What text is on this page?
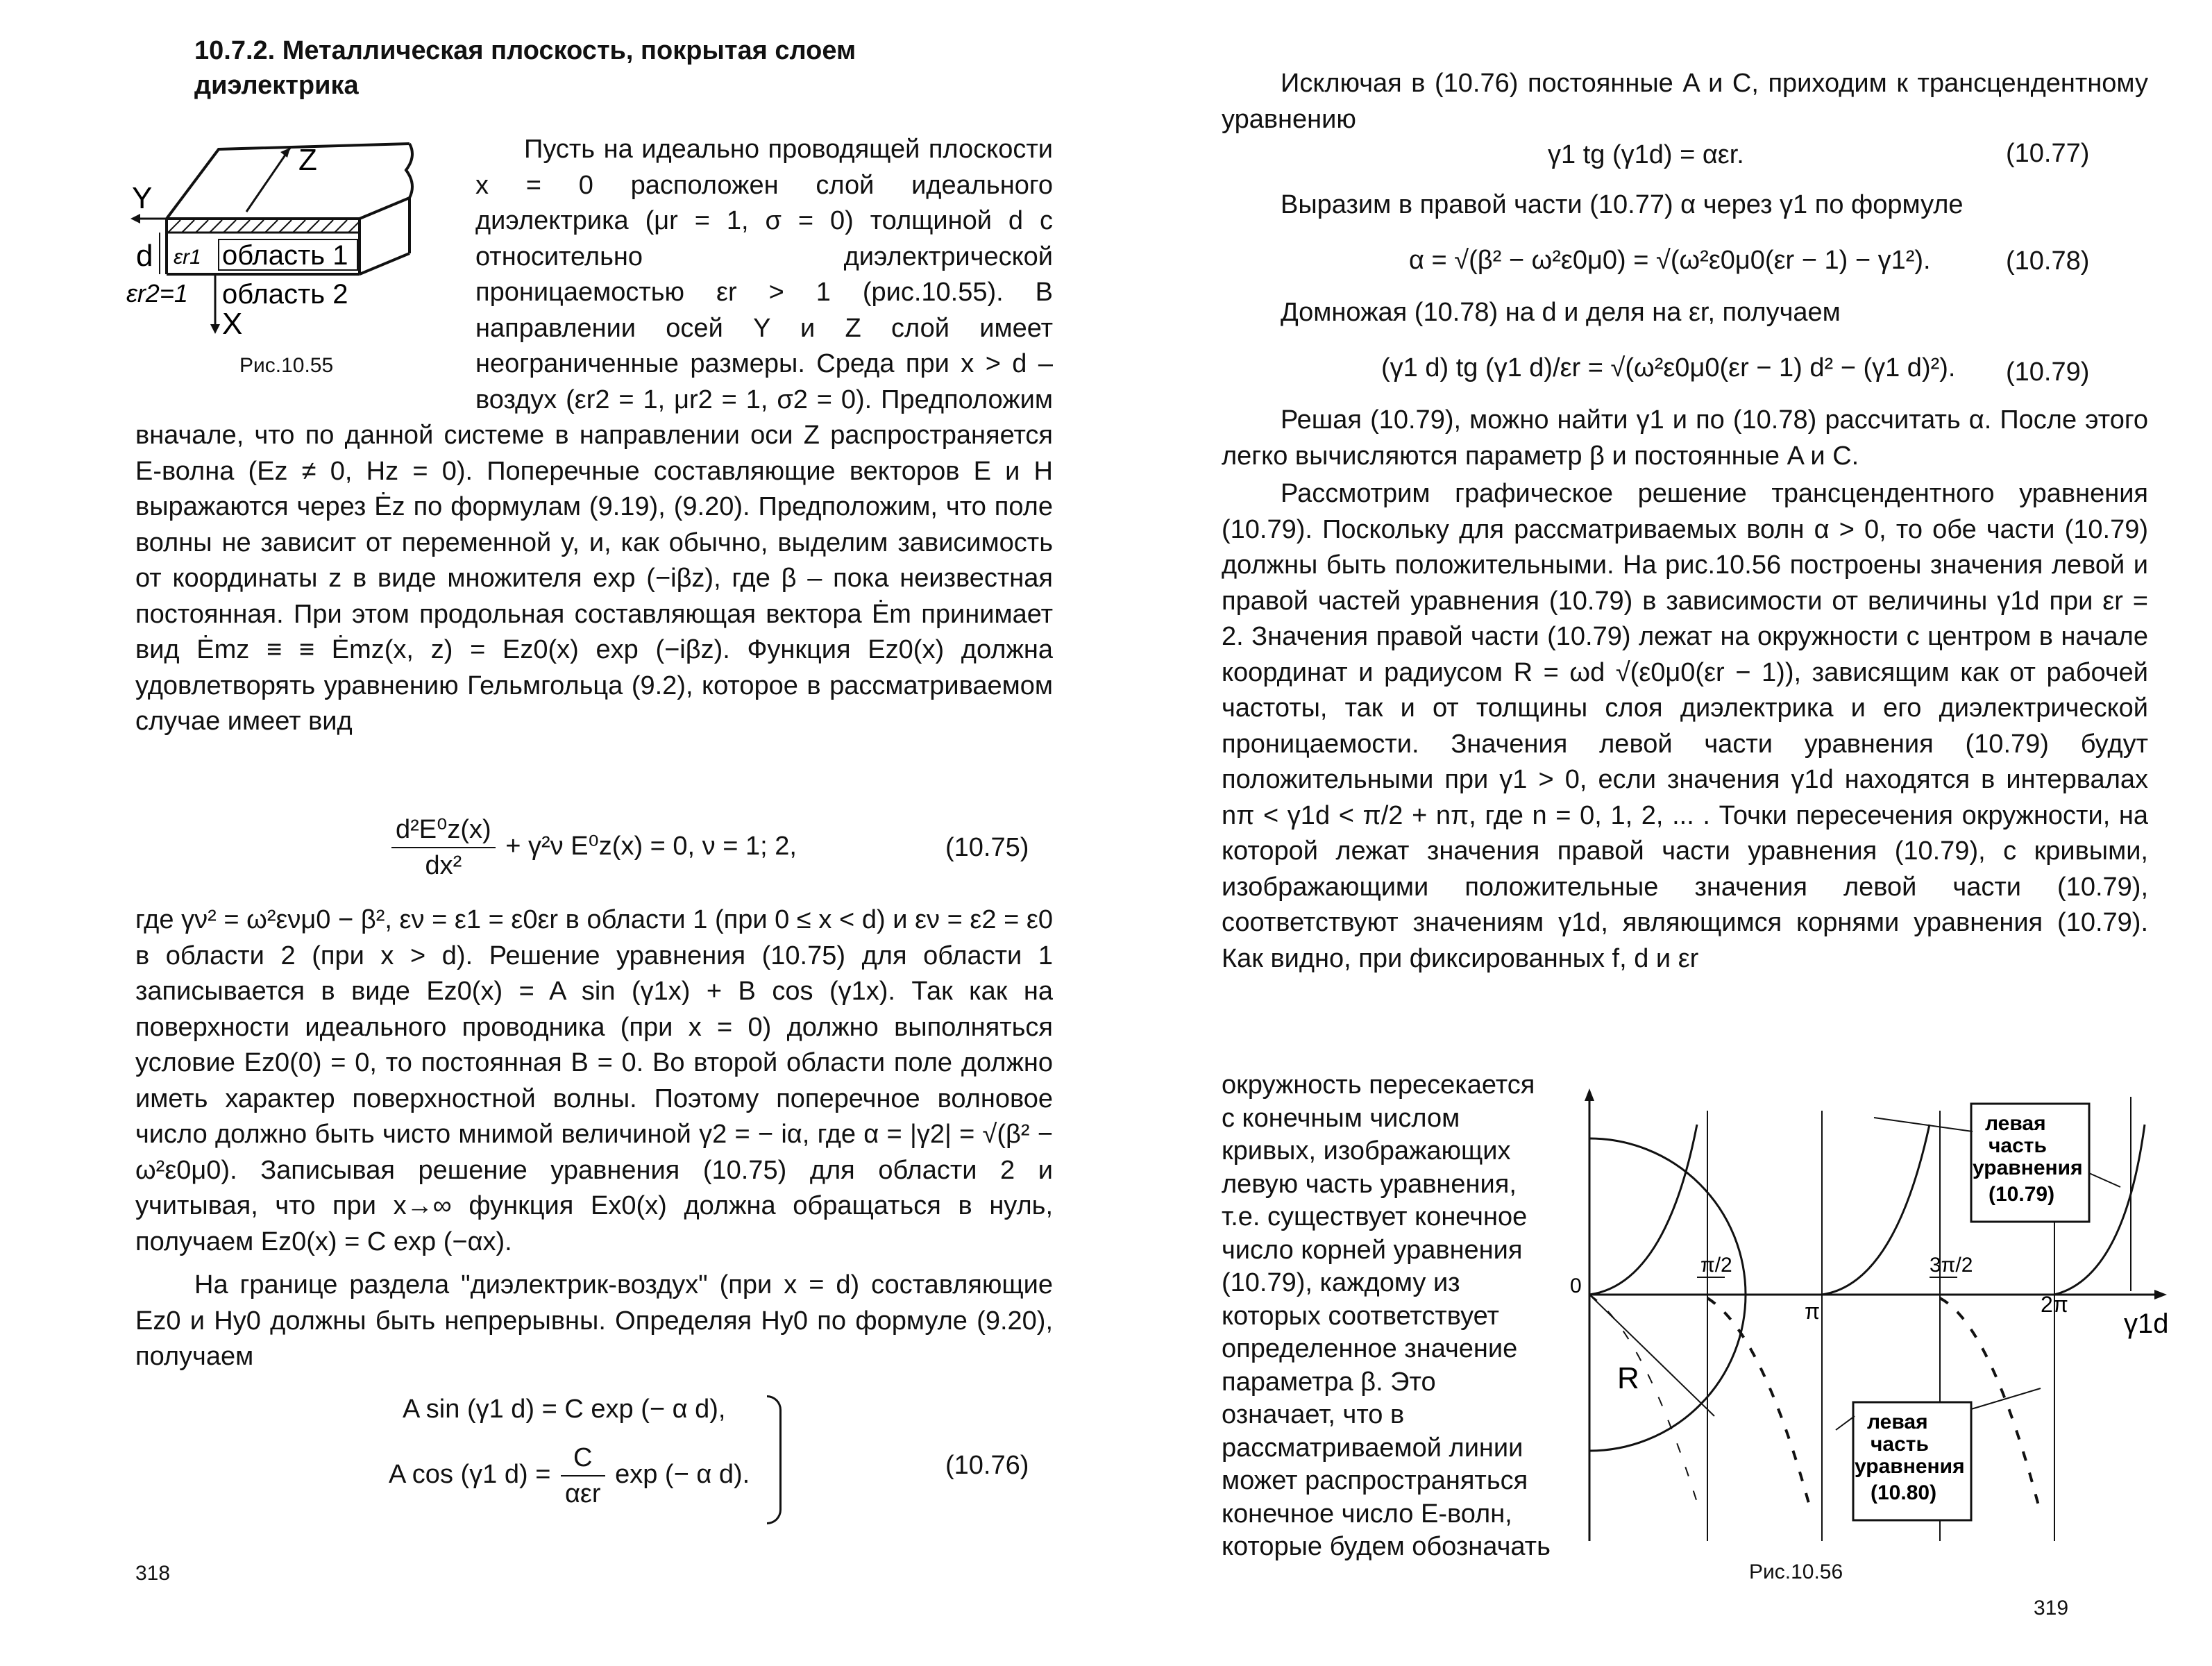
10.7.2. Металлическая плоскость, покрытая слоем диэлектрика
Z
Y
d εr1 область 1
X
εr2=1 область 2
Рис.10.55
Пусть на идеально проводящей плоскости x = 0 расположен слой идеального диэлектрика (μr = 1, σ = 0) толщиной d с относительно диэлектрической проницаемостью εr > 1 (рис.10.55). В направлении осей Y и Z слой имеет неограниченные размеры. Среда при x > d – воздух (εr2 = 1, μr2 = 1, σ2 = 0). Предположим вначале, что по данной системе в направлении оси Z распространяется E-волна (Ez ≠ 0, Hz = 0). Поперечные составляющие векторов E и H выражаются через Ėz по формулам (9.19), (9.20). Предположим, что поле волны не зависит от переменной y, и, как обычно, выделим зависимость от координаты z в виде множителя exp (−iβz), где β – пока неизвестная постоянная. При этом продольная составляющая вектора Ėm принимает вид Ėmz ≡ ≡ Ėmz(x, z) = Ez0(x) exp (−iβz). Функция Ez0(x) должна удовлетворять уравнению Гельмгольца (9.2), которое в рассматриваемом случае имеет вид
$\frac{\text{d²E⁰z(x)}}{\text{dx²}} + \gamma^2\nu$ E⁰z(x) = 0, ν = 1; 2,	(10.75)
где γν² = ω²ενμ0 − β², εν = ε1 = ε0εr в области 1 (при 0 ≤ x < d) и εν = ε2 = ε0 в области 2 (при x > d). Решение уравнения (10.75) для области 1 записывается в виде Ez0(x) = A sin (γ1x) + B cos (γ1x). Так как на поверхности идеального проводника (при x = 0) должно выполняться условие Ez0(0) = 0, то постоянная B = 0. Во второй области поле должно иметь характер поверхностной волны. Поэтому поперечное волновое число должно быть чисто мнимой величиной γ2 = − iα, где α = |γ2| = √(β² − ω²ε0μ0). Записывая решение уравнения (10.75) для области 2 и учитывая, что при x→∞ функция Ex0(x) должна обращаться в нуль, получаем Ez0(x) = C exp (−αx).
На границе раздела "диэлектрик-воздух" (при x = d) составляющие Ez0 и Hy0 должны быть непрерывны. Определяя Hy0 по формуле (9.20), получаем
A sin (γ1 d) = C exp (− α d),
A cos (γ1 $d) = \frac{C}{\text{αεr}}$ exp (− α d).	(10.76)
318
Исключая в (10.76) постоянные A и C, приходим к трансцендентному уравнению
γ1 tg (γ1d) = αεr.	(10.77)
Выразим в правой части (10.77) α через γ1 по формуле
α = √(β² − ω²ε0μ0) = √(ω²ε0μ0(εr − 1) − γ1²).	(10.78)
Домножая (10.78) на d и деля на εr, получаем
(γ1 d) tg (γ1 d)/εr = √(ω²ε0μ0(εr − 1) d² − (γ1 d)²). (10.79)
Решая (10.79), можно найти γ1 и по (10.78) рассчитать α. После этого легко вычисляются параметр β и постоянные A и C.
Рассмотрим графическое решение трансцендентного уравнения (10.79). Поскольку для рассматриваемых волн α > 0, то обе части (10.79) должны быть положительными. На рис.10.56 построены значения левой и правой частей уравнения (10.79) в зависимости от величины γ1d при εr = 2. Значения правой части (10.79) лежат на окружности с центром в начале координат и радиусом R = ωd √(ε0μ0(εr − 1)), зависящим как от рабочей частоты, так и от толщины слоя диэлектрика и его диэлектрической проницаемости. Значения левой части уравнения (10.79) будут положительными при γ1 > 0, если значения γ1d находятся в интервалах nπ < γ1d < π/2 + nπ, где n = 0, 1, 2, ... . Точки пересечения окружности, на которой лежат значения правой части уравнения (10.79), с кривыми, изображающими положительные значения левой части (10.79), соответствуют значениям γ1d, являющимся корнями уравнения (10.79). Как видно, при фиксированных f, d и εr
окружность пересекается с конечным числом кривых, изображающих левую часть уравнения, т.е. существует конечное число корней уравнения (10.79), каждому из которых соответствует определенное значение параметра β. Это означает, что в рассматриваемой линии может распространяться конечное число E-волн, которые будем обозначать
R
0
π/2
π
3π/2
2π
γ1d
левая
часть
уравнения
(10.79)
левая
часть
уравнения
(10.80)
Рис.10.56
319
